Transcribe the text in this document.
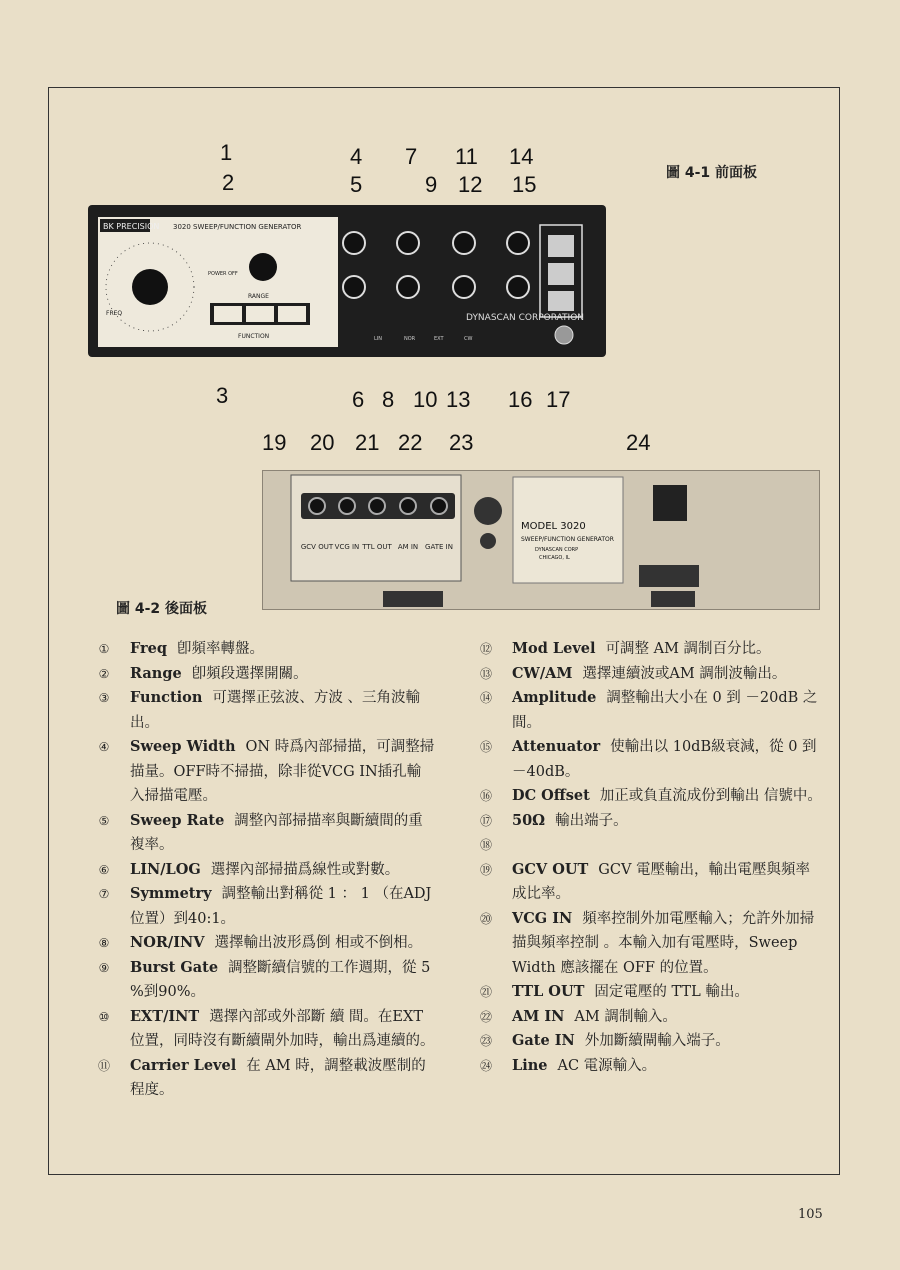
圖 4-1 前面板
圖 4-2 後面板
BK PRECISION 3020 SWEEP/FUNCTION GENERATOR
FREQ
RANGE
POWER OFF
FUNCTION
DYNASCAN CORPORATION
LIN	NOR	EXT	CW
1
2
3
4
5
6
7
8
9
10
11
12
13
14
15
16 17
GCV OUT VCG IN TTL OUT AM IN GATE IN
MODEL 3020
SWEEP/FUNCTION GENERATOR
DYNASCAN CORP
CHICAGO, IL
19 20 21 22 23	24
①	Freq 卽頻率轉盤。
②	Range 卽頻段選擇開關。
③	Function 可選擇正弦波、方波 、三角波輸出。
④	Sweep Width ON 時爲內部掃描，可調整掃描量。OFF時不掃描，除非從VCG IN插孔輸入掃描電壓。
⑤	Sweep Rate 調整內部掃描率與斷續間的重複率。
⑥	LIN/LOG 選擇內部掃描爲線性或對數。
⑦	Symmetry 調整輸出對稱從 1 ： 1 （在ADJ 位置）到40:1。
⑧	NOR/INV 選擇輸出波形爲倒 相或不倒相。
⑨	Burst Gate 調整斷續信號的工作週期，從 5 %到90%。
⑩	EXT/INT 選擇內部或外部斷 續 間。在EXT 位置，同時沒有斷續閘外加時，輸出爲連續的。
⑪	Carrier Level 在 AM 時，調整載波壓制的程度。
⑫	Mod Level 可調整 AM 調制百分比。
⑬	CW/AM 選擇連續波或AM 調制波輸出。
⑭	Amplitude 調整輸出大小在 0 到 －20dB 之間。
⑮	Attenuator 使輸出以 10dB級衰減，從 0 到 －40dB。
⑯	DC Offset 加正或負直流成份到輸出 信號中。
⑰	50Ω 輸出端子。
⑱
⑲	GCV OUT GCV 電壓輸出，輸出電壓與頻率成比率。
⑳	VCG IN 頻率控制外加電壓輸入；允許外加掃描與頻率控制 。本輸入加有電壓時，Sweep Width 應該擺在 OFF 的位置。
㉑	TTL OUT 固定電壓的 TTL 輸出。
㉒	AM IN AM 調制輸入。
㉓	Gate IN 外加斷續閘輸入端子。
㉔	Line AC 電源輸入。
105
